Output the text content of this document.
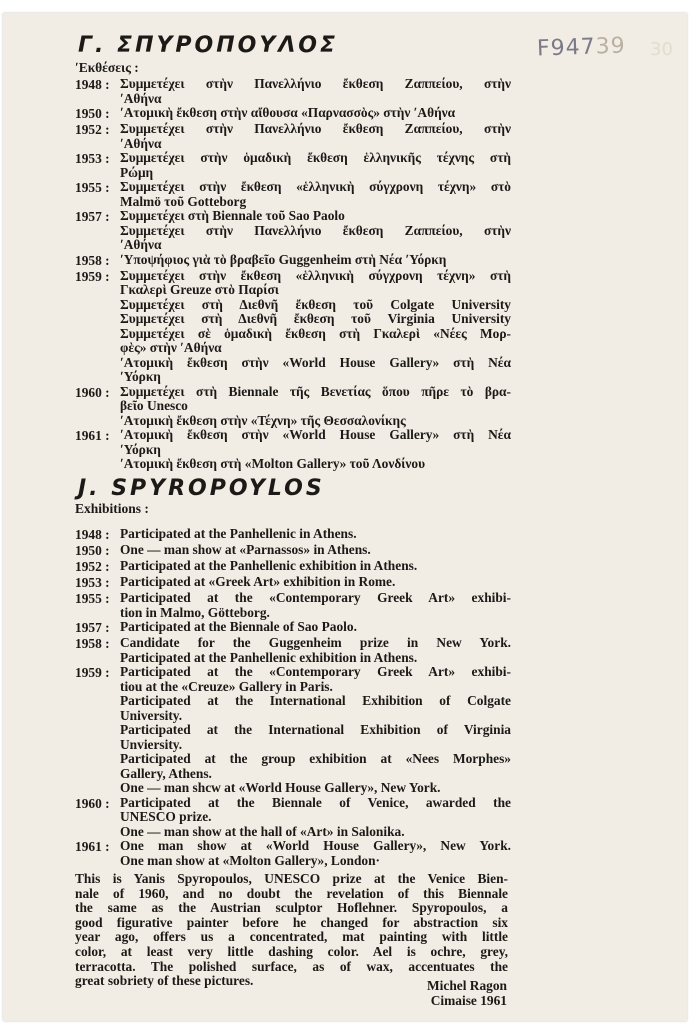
F94739 30
Γ. ΣΠΥΡΟΠΟΥΛΟΣ
ʹΕκθέσεις :
1948 : Συμμετέχει στὴν Πανελλήνιο ἔκθεση Ζαππείου, στὴν
ʹΑθήνα
1950 : ʹΑτομικὴ ἔκθεση στὴν αἴθουσα «Παρνασσὸς» στὴν ʹΑθήνα
1952 : Συμμετέχει στὴν Πανελλήνιο ἔκθεση Ζαππείου, στὴν
ʹΑθήνα
1953 : Συμμετέχει στὴν ὁμαδικὴ ἔκθεση ἑλληνικῆς τέχνης στὴ
Ρώμη
1955 : Συμμετέχει στὴν ἔκθεση «ἑλληνικὴ σύγχρονη τέχνη» στὸ
Malmö τοῦ Gotteborg
1957 : Συμμετέχει στὴ Biennale τοῦ Sao Paolo
Συμμετέχει στὴν Πανελλήνιο ἔκθεση Ζαππείου, στὴν
ʹΑθήνα
1958 : ʹΥποψήφιος γιὰ τὸ βραβεῖο Guggenheim στὴ Νέα ʹΥόρκη
1959 : Συμμετέχει στὴν ἔκθεση «ἑλληνικὴ σύγχρονη τέχνη» στὴ
Γκαλερὶ Greuze στὸ Παρίσι
Συμμετέχει στὴ Διεθνῆ ἔκθεση τοῦ Colgate University
Συμμετέχει στὴ Διεθνῆ ἔκθεση τοῦ Virginia University
Συμμετέχει σὲ ὁμαδικὴ ἔκθεση στὴ Γκαλερὶ «Νέες Μορ-
φὲς» στὴν ʹΑθήνα
ʹΑτομικὴ ἔκθεση στὴν «World House Gallery» στὴ Νέα
ʹΥόρκη
1960 : Συμμετέχει στὴ Biennale τῆς Βενετίας ὅπου πῆρε τὸ βρα-
βεῖο Unesco
ʹΑτομικὴ ἔκθεση στὴν «Τέχνη» τῆς Θεσσαλονίκης
1961 : ʹΑτομικὴ ἔκθεση στὴν «World House Gallery» στὴ Νέα
ʹΥόρκη
ʹΑτομικὴ ἔκθεση στὴ «Molton Gallery» τοῦ Λονδίνου
J. SPYROPOYLOS
Exhibitions :
1948 : Participated at the Panhellenic in Athens.
1950 : One — man show at «Parnassos» in Athens.
1952 : Participated at the Panhellenic exhibition in Athens.
1953 : Participated at «Greek Art» exhibition in Rome.
1955 : Participated at the «Contemporary Greek Art» exhibi-
tion in Malmo, Götteborg.
1957 : Participated at the Biennale of Sao Paolo.
1958 : Candidate for the Guggenheim prize in New York.
Participated at the Panhellenic exhibition in Athens.
1959 : Participated at the «Contemporary Greek Art» exhibi-
tiou at the «Creuze» Gallery in Paris.
Participated at the International Exhibition of Colgate
University.
Participated at the International Exhibition of Virginia
Unviersity.
Participated at the group exhibition at «Nees Morphes»
Gallery, Athens.
One — man shcw at «World House Gallery», New York.
1960 : Participated at the Biennale of Venice, awarded the
UNESCO prize.
One — man show at the hall of «Art» in Salonika.
1961 : One man show at «World House Gallery», New York.
One man show at «Molton Gallery», London·
This is Yanis Spyropoulos, UNESCO prize at the Venice Bien-
nale of 1960, and no doubt the revelation of this Biennale
the same as the Austrian sculptor Hoflehner. Spyropoulos, a
good figurative painter before he changed for abstraction six
year ago, offers us a concentrated, mat painting with little
color, at least very little dashing color. Ael is ochre, grey,
terracotta. The polished surface, as of wax, accentuates the
great sobriety of these pictures.	Michel Ragon
Cimaise 1961
